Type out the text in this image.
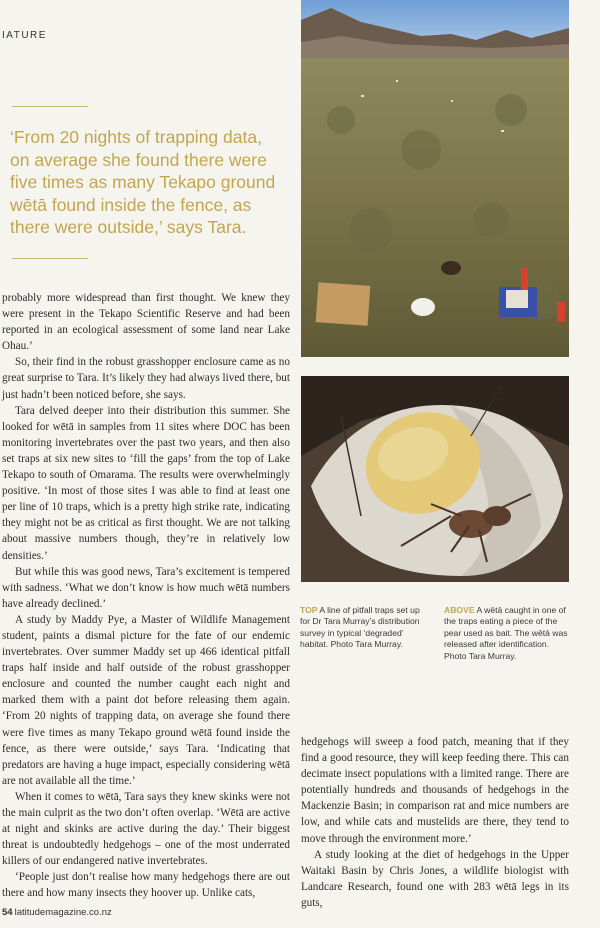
IATURE

‘From 20 nights of trapping data, on average she found there were five times as many Tekapo ground wētā found inside the fence, as there were outside,’ says Tara.

probably more widespread than first thought. We knew they were present in the Tekapo Scientific Reserve and had been reported in an ecological assessment of some land near Lake Ohau.’

So, their find in the robust grasshopper enclosure came as no great surprise to Tara. It’s likely they had always lived there, but just hadn’t been noticed before, she says.

Tara delved deeper into their distribution this summer. She looked for wētā in samples from 11 sites where DOC has been monitoring invertebrates over the past two years, and then also set traps at six new sites to ‘fill the gaps’ from the top of Lake Tekapo to south of Omarama. The results were overwhelmingly positive. ‘In most of those sites I was able to find at least one per line of 10 traps, which is a pretty high strike rate, indicating they might not be as critical as first thought. We are not talking about massive numbers though, they’re in relatively low densities.’

But while this was good news, Tara’s excitement is tempered with sadness. ‘What we don’t know is how much wētā numbers have already declined.’

A study by Maddy Pye, a Master of Wildlife Management student, paints a dismal picture for the fate of our endemic invertebrates. Over summer Maddy set up 466 identical pitfall traps half inside and half outside of the robust grasshopper enclosure and counted the number caught each night and marked them with a paint dot before releasing them again. ‘From 20 nights of trapping data, on average she found there were five times as many Tekapo ground wētā found inside the fence, as there were outside,’ says Tara. ‘Indicating that predators are having a huge impact, especially considering wētā are not available all the time.’

When it comes to wētā, Tara says they knew skinks were not the main culprit as the two don’t often overlap. ‘Wētā are active at night and skinks are active during the day.’ Their biggest threat is undoubtedly hedgehogs – one of the most underrated killers of our endangered native invertebrates.

‘People just don’t realise how many hedgehogs there are out there and how many insects they hoover up. Unlike cats,

TOP A line of pitfall traps set up for Dr Tara Murray’s distribution survey in typical ‘degraded’ habitat. Photo Tara Murray.
ABOVE A wētā caught in one of the traps eating a piece of the pear used as bait. The wētā was released after identification. Photo Tara Murray.

hedgehogs will sweep a food patch, meaning that if they find a good resource, they will keep feeding there. This can decimate insect populations with a limited range. There are potentially hundreds and thousands of hedgehogs in the Mackenzie Basin; in comparison rat and mice numbers are low, and while cats and mustelids are there, they tend to move through the environment more.’

A study looking at the diet of hedgehogs in the Upper Waitaki Basin by Chris Jones, a wildlife biologist with Landcare Research, found one with 283 wētā legs in its guts,

54 latitudemagazine.co.nz
